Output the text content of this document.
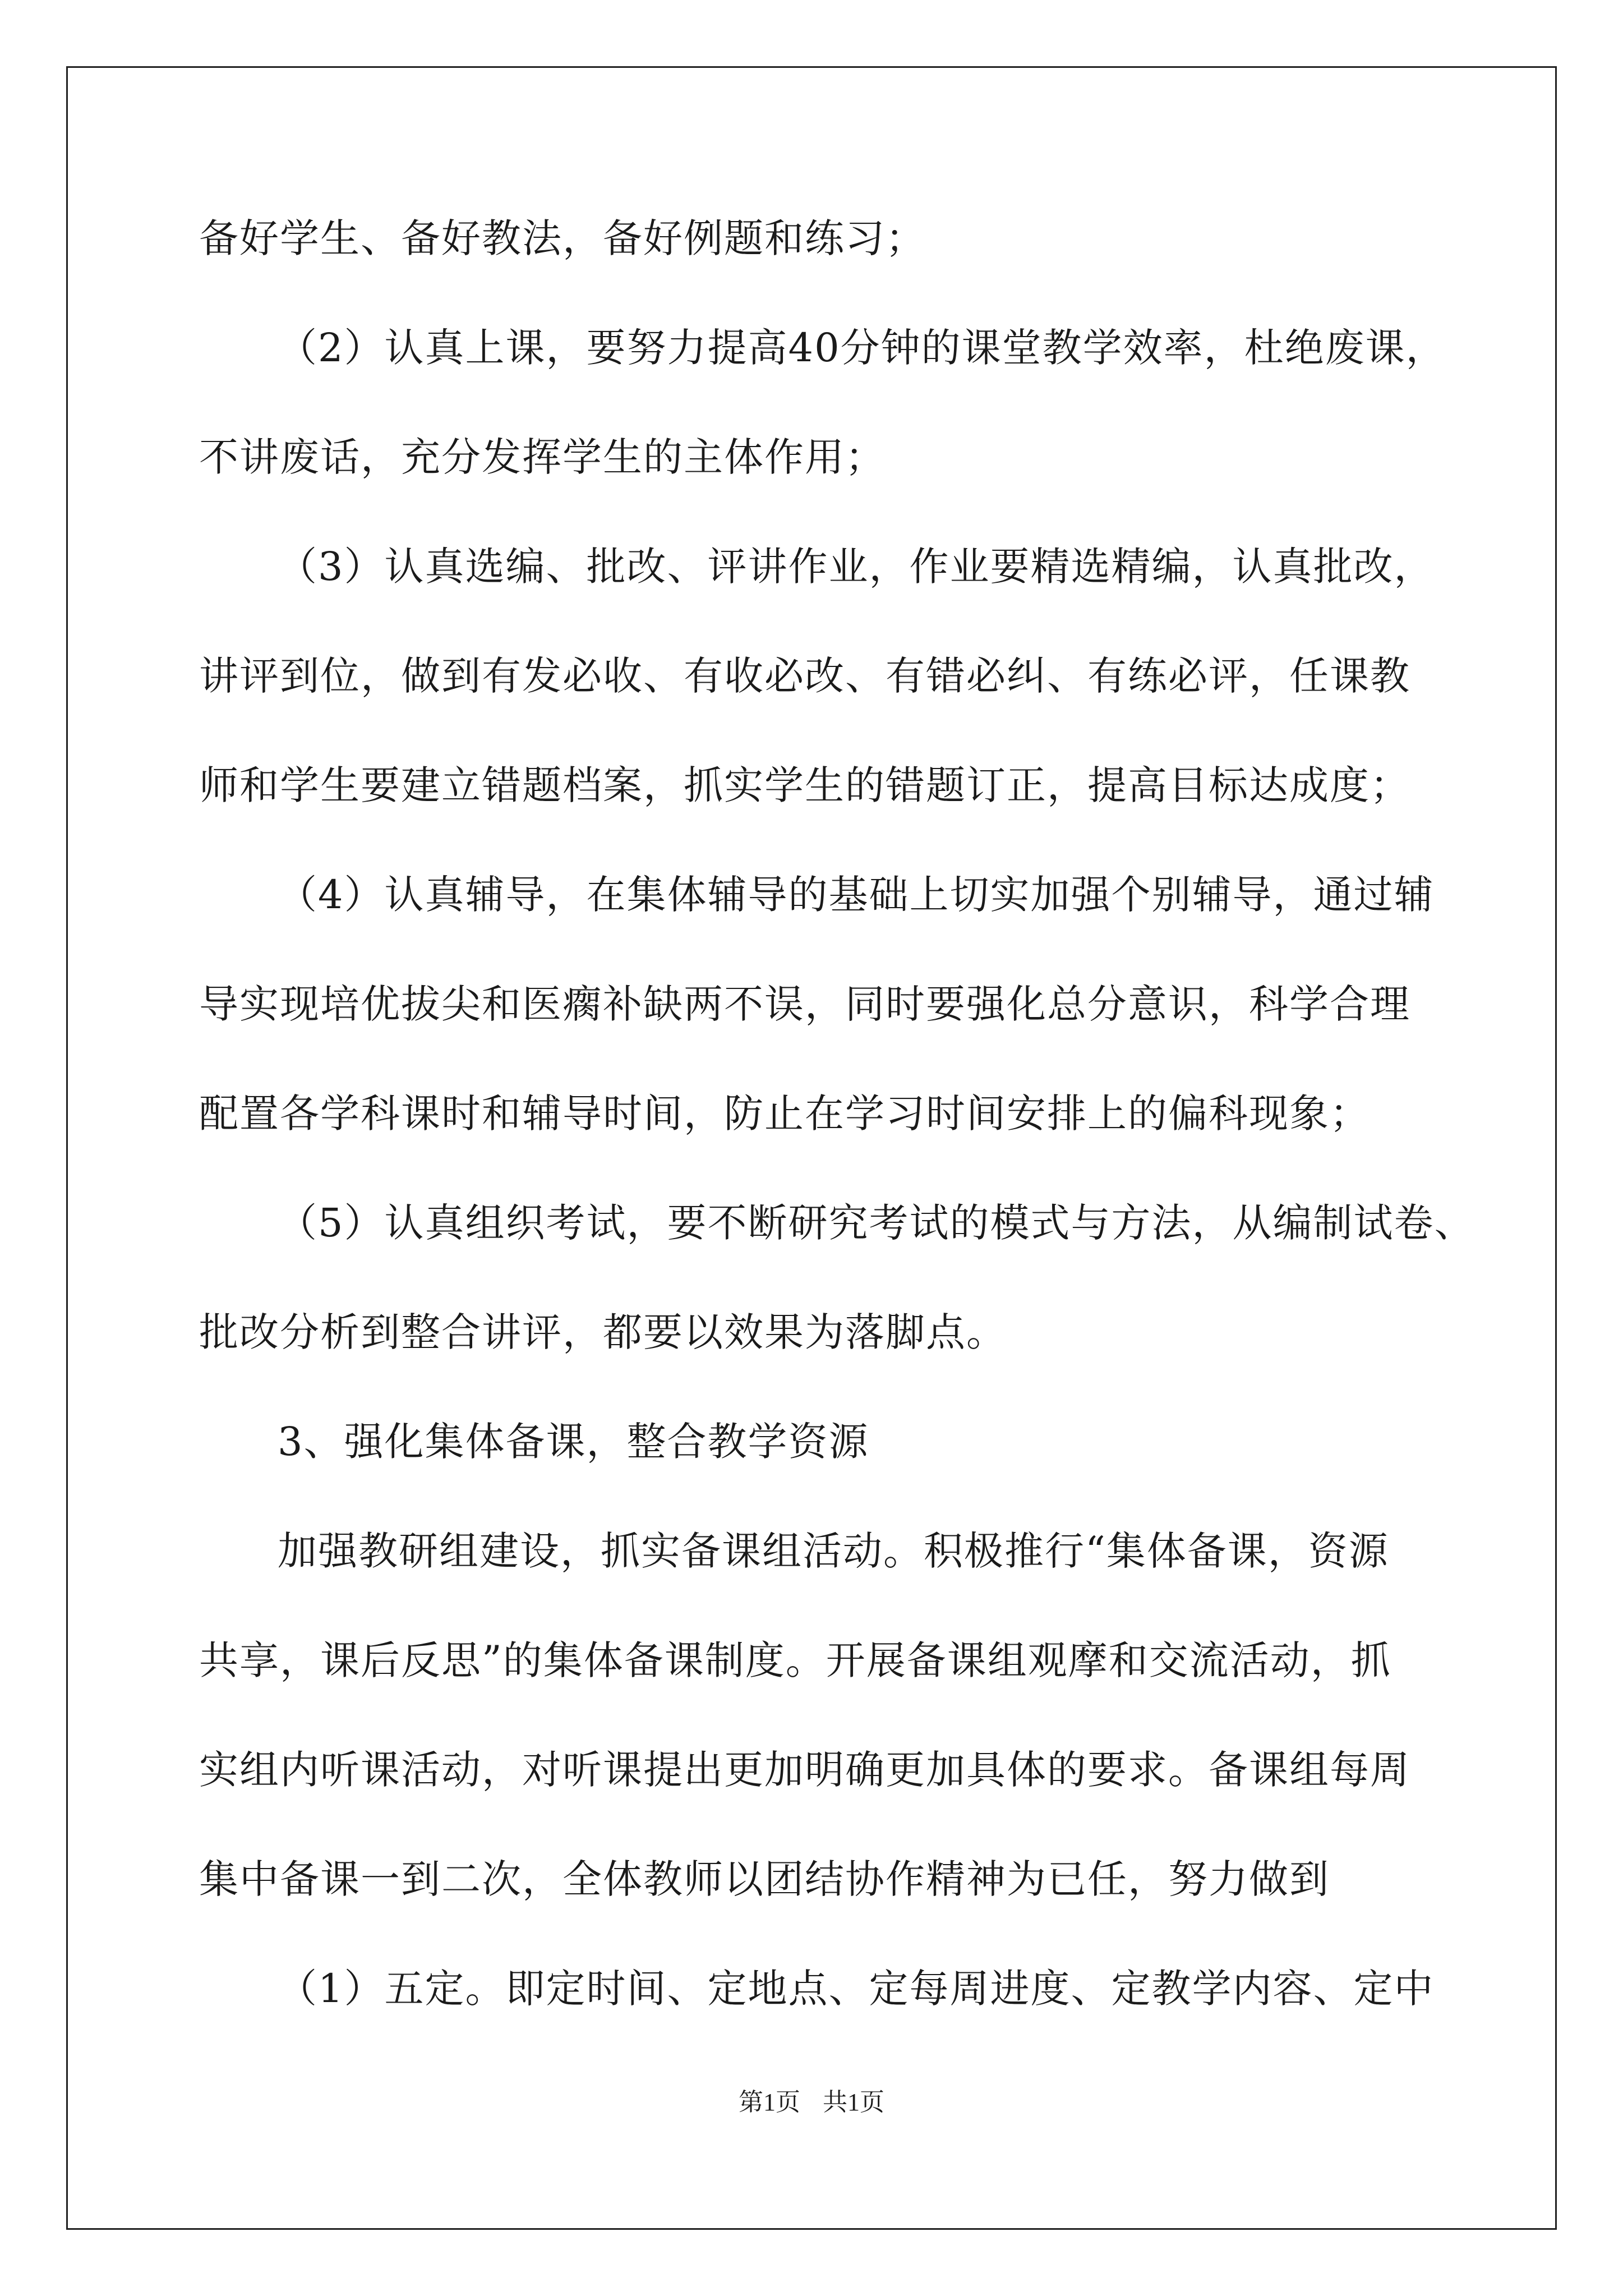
备好学生、备好教法，备好例题和练习；
（2）认真上课，要努力提高40分钟的课堂教学效率，杜绝废课，
不讲废话，充分发挥学生的主体作用；
（3）认真选编、批改、评讲作业，作业要精选精编，认真批改，
讲评到位，做到有发必收、有收必改、有错必纠、有练必评，任课教
师和学生要建立错题档案，抓实学生的错题订正，提高目标达成度；
（4）认真辅导，在集体辅导的基础上切实加强个别辅导，通过辅
导实现培优拔尖和医瘸补缺两不误，同时要强化总分意识，科学合理
配置各学科课时和辅导时间，防止在学习时间安排上的偏科现象；
（5）认真组织考试，要不断研究考试的模式与方法，从编制试卷、
批改分析到整合讲评，都要以效果为落脚点。
3、强化集体备课，整合教学资源
加强教研组建设，抓实备课组活动。积极推行“集体备课，资源
共享，课后反思”的集体备课制度。开展备课组观摩和交流活动，抓
实组内听课活动，对听课提出更加明确更加具体的要求。备课组每周
集中备课一到二次，全体教师以团结协作精神为已任，努力做到
（1）五定。即定时间、定地点、定每周进度、定教学内容、定中
第1页 共1页
